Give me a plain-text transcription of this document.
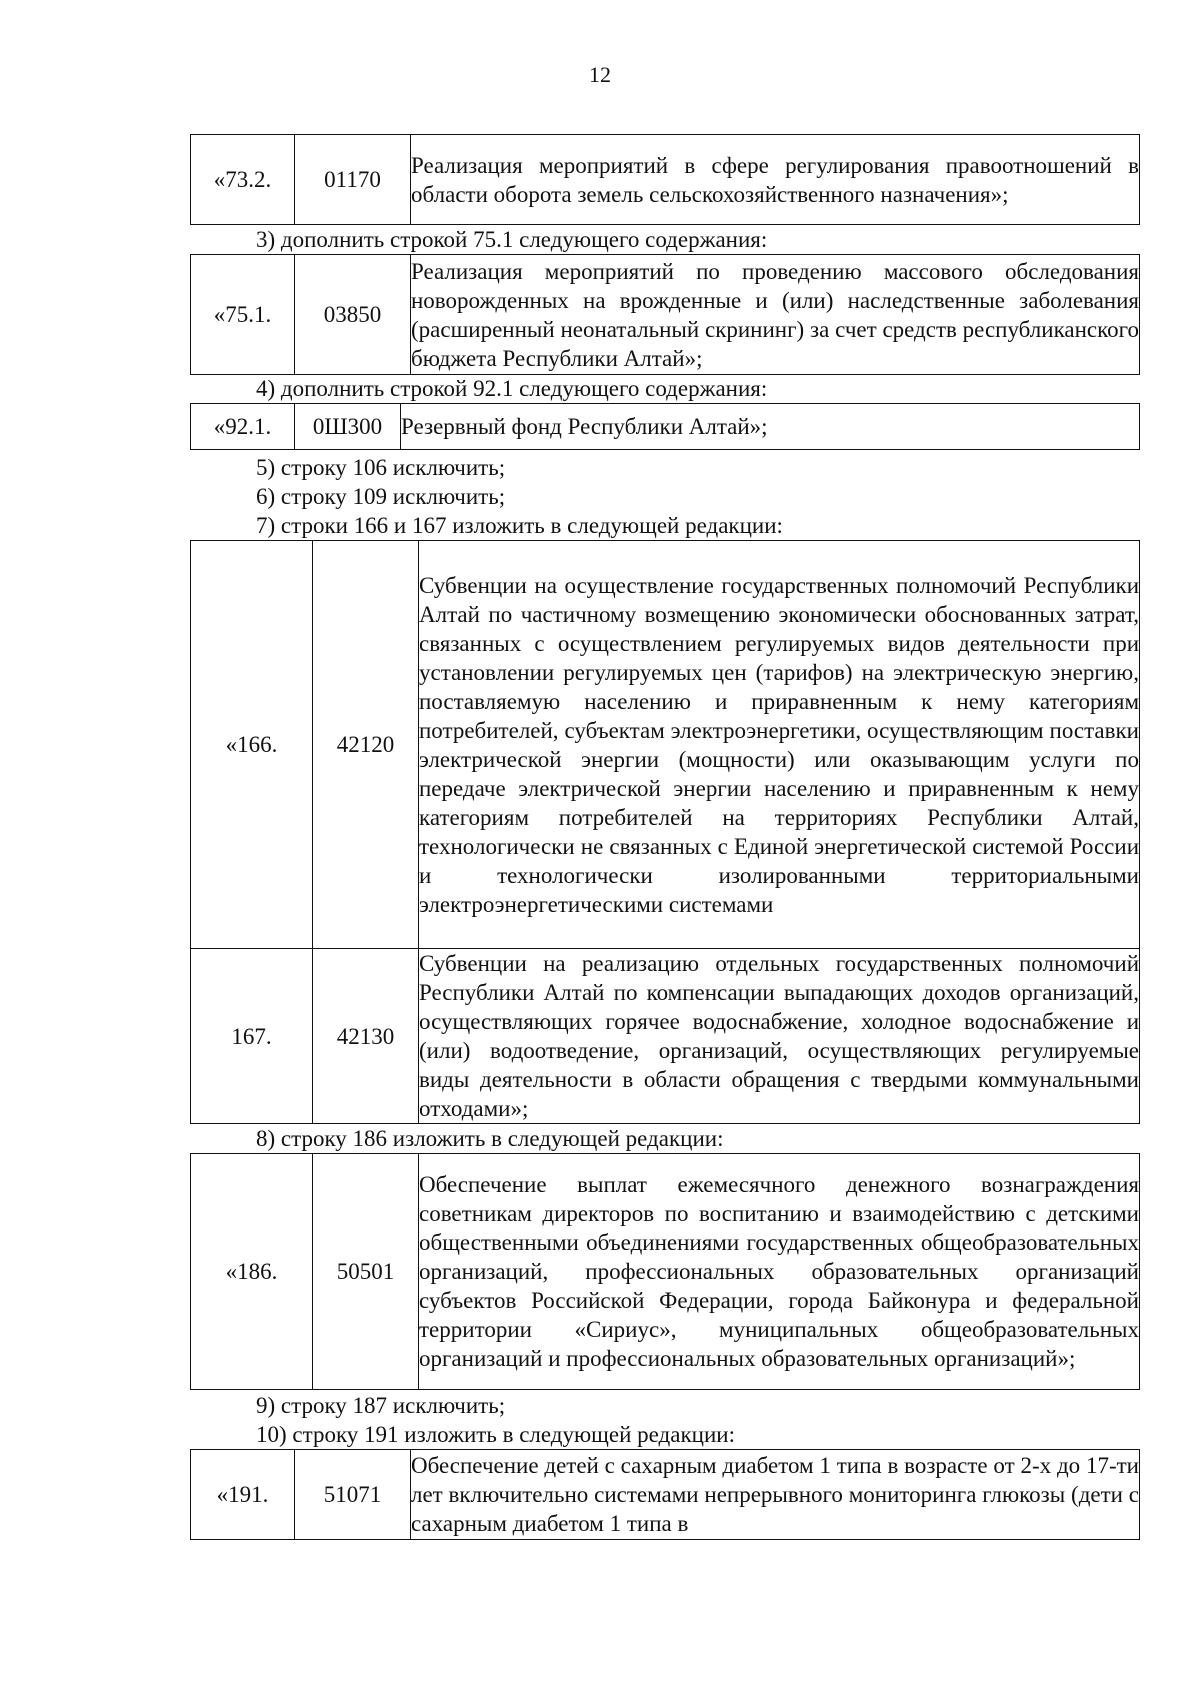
12
«73.2.	01170	Реализация мероприятий в сфере регулирования правоотношений в области оборота земель сельскохозяйственного назначения»;
3) дополнить строкой 75.1 следующего содержания:
«75.1.	03850	Реализация мероприятий по проведению массового обследования новорожденных на врожденные и (или) наследственные заболевания (расширенный неонатальный скрининг) за счет средств республиканского бюджета Республики Алтай»;
4) дополнить строкой 92.1 следующего содержания:
«92.1.	0Ш300	Резервный фонд Республики Алтай»;
5) строку 106 исключить;
6) строку 109 исключить;
7) строки 166 и 167 изложить в следующей редакции:
«166.	42120	Субвенции на осуществление государственных полномочий Республики Алтай по частичному возмещению экономически обоснованных затрат, связанных с осуществлением регулируемых видов деятельности при установлении регулируемых цен (тарифов) на электрическую энергию, поставляемую населению и приравненным к нему категориям потребителей, субъектам электроэнергетики, осуществляющим поставки электрической энергии (мощности) или оказывающим услуги по передаче электрической энергии населению и приравненным к нему категориям потребителей на территориях Республики Алтай, технологически не связанных с Единой энергетической системой России и технологически изолированными территориальными электроэнергетическими системами
167.	42130	Субвенции на реализацию отдельных государственных полномочий Республики Алтай по компенсации выпадающих доходов организаций, осуществляющих горячее водоснабжение, холодное водоснабжение и (или) водоотведение, организаций, осуществляющих регулируемые виды деятельности в области обращения с твердыми коммунальными отходами»;
8) строку 186 изложить в следующей редакции:
«186.	50501	Обеспечение выплат ежемесячного денежного вознаграждения советникам директоров по воспитанию и взаимодействию с детскими общественными объединениями государственных общеобразовательных организаций, профессиональных образовательных организаций субъектов Российской Федерации, города Байконура и федеральной территории «Сириус», муниципальных общеобразовательных организаций и профессиональных образовательных организаций»;
9) строку 187 исключить;
10) строку 191 изложить в следующей редакции:
«191.	51071	Обеспечение детей с сахарным диабетом 1 типа в возрасте от 2-х до 17-ти лет включительно системами непрерывного мониторинга глюкозы (дети с сахарным диабетом 1 типа в
